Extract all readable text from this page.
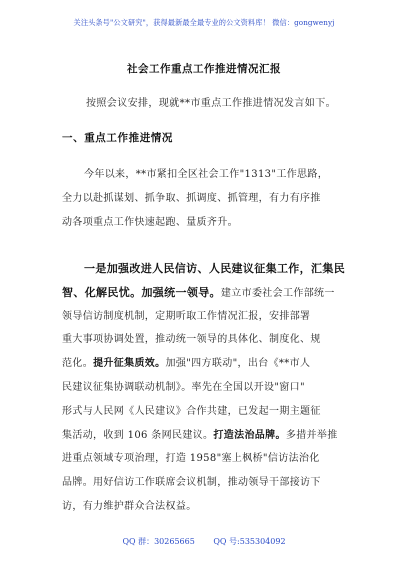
关注头条号"公文研究"，获得最新最全最专业的公文资料库！ 微信：gongwenyj
社会工作重点工作推进情况汇报
按照会议安排，现就**市重点工作推进情况发言如下。
一、重点工作推进情况
今年以来，**市紧扣全区社会工作"1313"工作思路，
全力以赴抓谋划、抓争取、抓调度、抓管理，有力有序推
动各项重点工作快速起跑、量质齐升。
一是加强改进人民信访、人民建议征集工作，汇集民
智、化解民忧。加强统一领导。建立市委社会工作部统一
领导信访制度机制，定期听取工作情况汇报，安排部署
重大事项协调处置，推动统一领导的具体化、制度化、规
范化。提升征集质效。加强"四方联动"，出台《**市人
民建议征集协调联动机制》。率先在全国以开设"窗口"
形式与人民网《人民建议》合作共建，已发起一期主题征
集活动，收到 106 条网民建议。打造法治品牌。多措并举推
进重点领域专项治理，打造 1958"塞上枫桥"信访法治化
品牌。用好信访工作联席会议机制，推动领导干部接访下
访，有力维护群众合法权益。
QQ 群：30265665 QQ 号:535304092
